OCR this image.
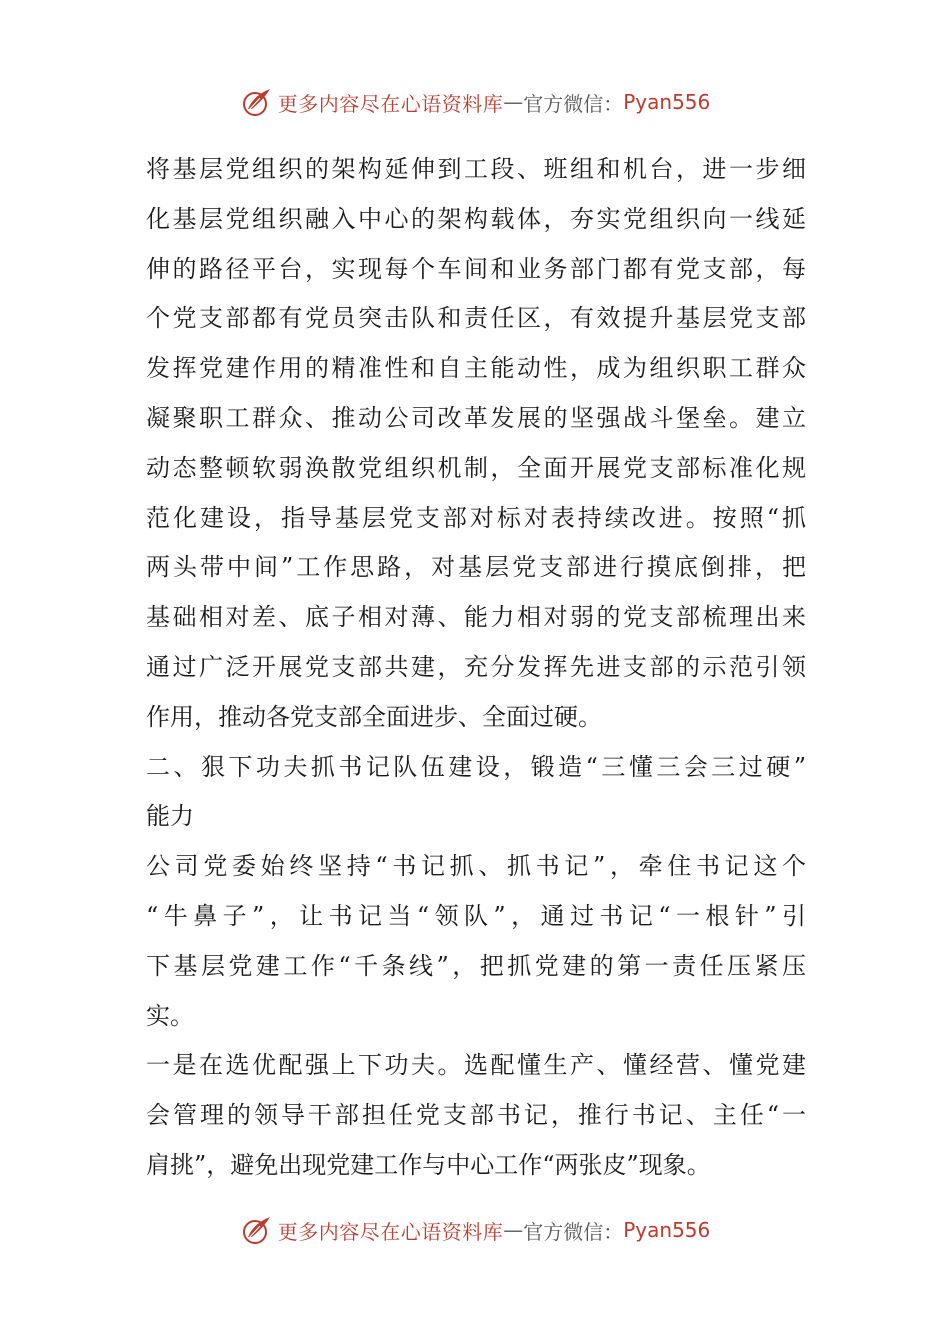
更多内容尽在心语资料库 — 官方微信： Pyan556
将基层党组织的架构延伸到工段、班组和机台，进一步细
化基层党组织融入中心的架构载体，夯实党组织向一线延
伸的路径平台，实现每个车间和业务部门都有党支部，每
个党支部都有党员突击队和责任区，有效提升基层党支部
发挥党建作用的精准性和自主能动性，成为组织职工群众
凝聚职工群众、推动公司改革发展的坚强战斗堡垒。建立
动态整顿软弱涣散党组织机制，全面开展党支部标准化规
范化建设，指导基层党支部对标对表持续改进。按照“抓
两头带中间”工作思路，对基层党支部进行摸底倒排，把
基础相对差、底子相对薄、能力相对弱的党支部梳理出来
通过广泛开展党支部共建，充分发挥先进支部的示范引领
作用，推动各党支部全面进步、全面过硬。
二、狠下功夫抓书记队伍建设，锻造“三懂三会三过硬”
能力
公司党委始终坚持“书记抓、抓书记”，牵住书记这个
“牛鼻子”，让书记当“领队”，通过书记“一根针”引
下基层党建工作“千条线”，把抓党建的第一责任压紧压
实。
一是在选优配强上下功夫。选配懂生产、懂经营、懂党建
会管理的领导干部担任党支部书记，推行书记、主任“一
肩挑”，避免出现党建工作与中心工作“两张皮”现象。
更多内容尽在心语资料库 — 官方微信： Pyan556
